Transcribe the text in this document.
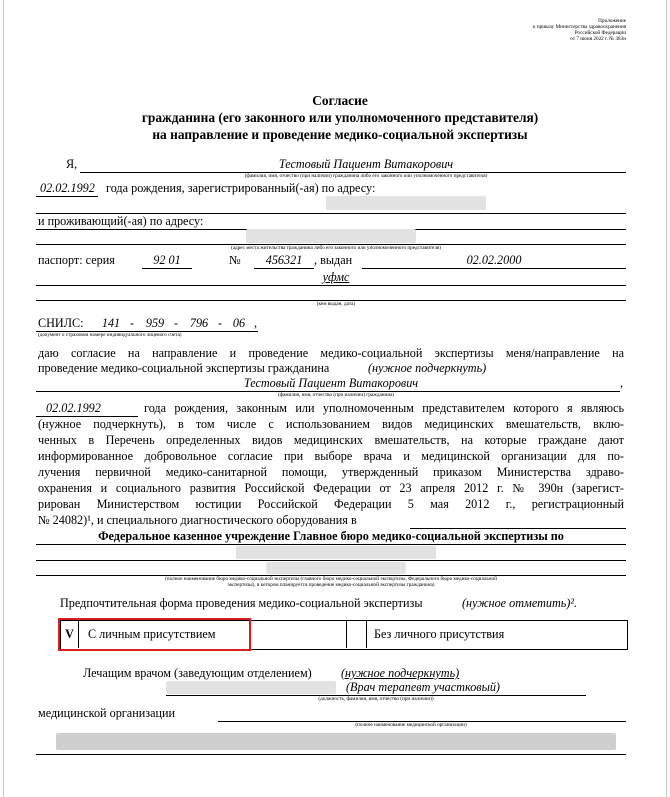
Приложение
к приказу Министерства здравоохранения
Российской Федерации
от 7 июня 2022 г. № 383н
Согласие
гражданина (его законного или уполномоченного представителя)
на направление и проведение медико-социальной экспертизы
Я,	Тестовый Пациент Витакорович
(фамилия, имя, отчество (при наличии) гражданина либо его законного или уполномоченного представителя)
02.02.1992 года рождения, зарегистрированный(-ая) по адресу:
и проживающий(-ая) по адресу:
(адрес места жительства гражданина либо его законного или уполномоченного представителя)
паспорт: серия	92 01	№	456321 , выдан	02.02.2000
уфмс
(кем выдан, дата)
СНИЛС:	141 - 959 - 796 - 06 ,
(документ о страховом номере индивидуального лицевого счета)
даю согласие на направление и проведение медико-социальной экспертизы меня/направление на
проведение медико-социальной экспертизы гражданина	(нужное подчеркнуть)
Тестовый Пациент Витакорович	,
(фамилия, имя, отчество (при наличии) гражданина)
02.02.1992	года рождения, законным или уполномоченным представителем которого я являюсь
(нужное подчеркнуть), в том числе с использованием видов медицинских вмешательств, вклю-
ченных в Перечень определенных видов медицинских вмешательств, на которые граждане дают
информированное добровольное согласие при выборе врача и медицинской организации для по-
лучения первичной медико-санитарной помощи, утвержденный приказом Министерства здраво-
охранения и социального развития Российской Федерации от 23 апреля 2012 г. № 390н (зарегист-
рирован Министерством юстиции Российской Федерации 5 мая 2012 г., регистрационный
№ 24082)¹, и специального диагностического оборудования в
Федеральное казенное учреждение Главное бюро медико-социальной экспертизы по
(полное наименование бюро медико-социальной экспертизы (главного бюро медико-социальной экспертизы, Федерального бюро медико-социальной
экспертизы), в котором планируется проведение медико-социальной экспертизы гражданина)
Предпочтительная форма проведения медико-социальной экспертизы	(нужное отметить)².
V	С личным присутствием	Без личного присутствия
Лечащим врачом (заведующим отделением) (нужное подчеркнуть)
(Врач терапевт участковый)
(должность, фамилия, имя, отчество (при наличии))
медицинской организации
(полное наименование медицинской организации)
